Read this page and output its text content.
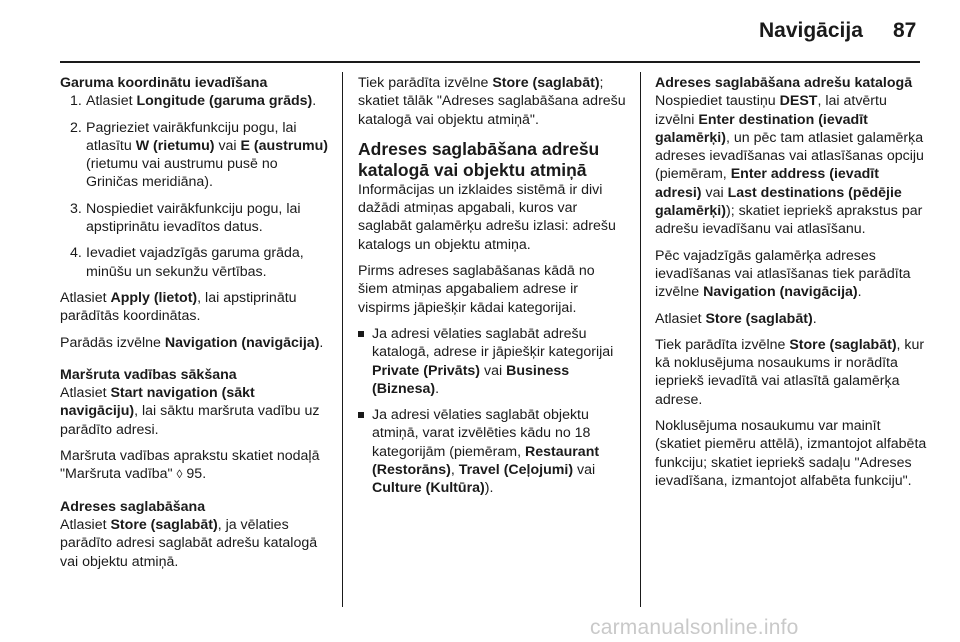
Navigācija 87
Garuma koordinātu ievadīšana
1. Atlasiet Longitude (garuma grāds).
2. Pagrieziet vairākfunkciju pogu, lai atlasītu W (rietumu) vai E (austrumu) (rietumu vai austrumu pusē no Griničas meridiāna).
3. Nospiediet vairākfunkciju pogu, lai apstiprinātu ievadītos datus.
4. Ievadiet vajadzīgās garuma grāda, minūšu un sekunžu vērtības.

Atlasiet Apply (lietot), lai apstiprinātu parādītās koordinātas.

Parādās izvēlne Navigation (navigācija).

Maršruta vadības sākšana

Atlasiet Start navigation (sākt navigāciju), lai sāktu maršruta vadību uz parādīto adresi.

Maršruta vadības aprakstu skatiet nodaļā "Maršruta vadība" ◊ 95.

Adreses saglabāšana

Atlasiet Store (saglabāt), ja vēlaties parādīto adresi saglabāt adrešu katalogā vai objektu atmiņā.

Tiek parādīta izvēlne Store (saglabāt); skatiet tālāk "Adreses saglabāšana adrešu katalogā vai objektu atmiņā".

Adreses saglabāšana adrešu katalogā vai objektu atmiņā

Informācijas un izklaides sistēmā ir divi dažādi atmiņas apgabali, kuros var saglabāt galamērķu adrešu izlasi: adrešu katalogs un objektu atmiņa.

Pirms adreses saglabāšanas kādā no šiem atmiņas apgabaliem adrese ir vispirms jāpiešķir kādai kategorijai.

Ja adresi vēlaties saglabāt adrešu katalogā, adrese ir jāpiešķir kategorijai Private (Privāts) vai Business (Biznesa).
Ja adresi vēlaties saglabāt objektu atmiņā, varat izvēlēties kādu no 18 kategorijām (piemēram, Restaurant (Restorāns), Travel (Ceļojumi) vai Culture (Kultūra)).
Adreses saglabāšana adrešu katalogā

Nospiediet taustiņu DEST, lai atvērtu izvēlni Enter destination (ievadīt galamērķi), un pēc tam atlasiet galamērķa adreses ievadīšanas vai atlasīšanas opciju (piemēram, Enter address (ievadīt adresi) vai Last destinations (pēdējie galamērķi)); skatiet iepriekš aprakstus par adrešu ievadīšanu vai atlasīšanu.

Pēc vajadzīgās galamērķa adreses ievadīšanas vai atlasīšanas tiek parādīta izvēlne Navigation (navigācija).

Atlasiet Store (saglabāt).

Tiek parādīta izvēlne Store (saglabāt), kur kā noklusējuma nosaukums ir norādīta iepriekš ievadītā vai atlasītā galamērķa adrese.

Noklusējuma nosaukumu var mainīt (skatiet piemēru attēlā), izmantojot alfabēta funkciju; skatiet iepriekš sadaļu "Adreses ievadīšana, izmantojot alfabēta funkciju".

carmanualsonline.info
